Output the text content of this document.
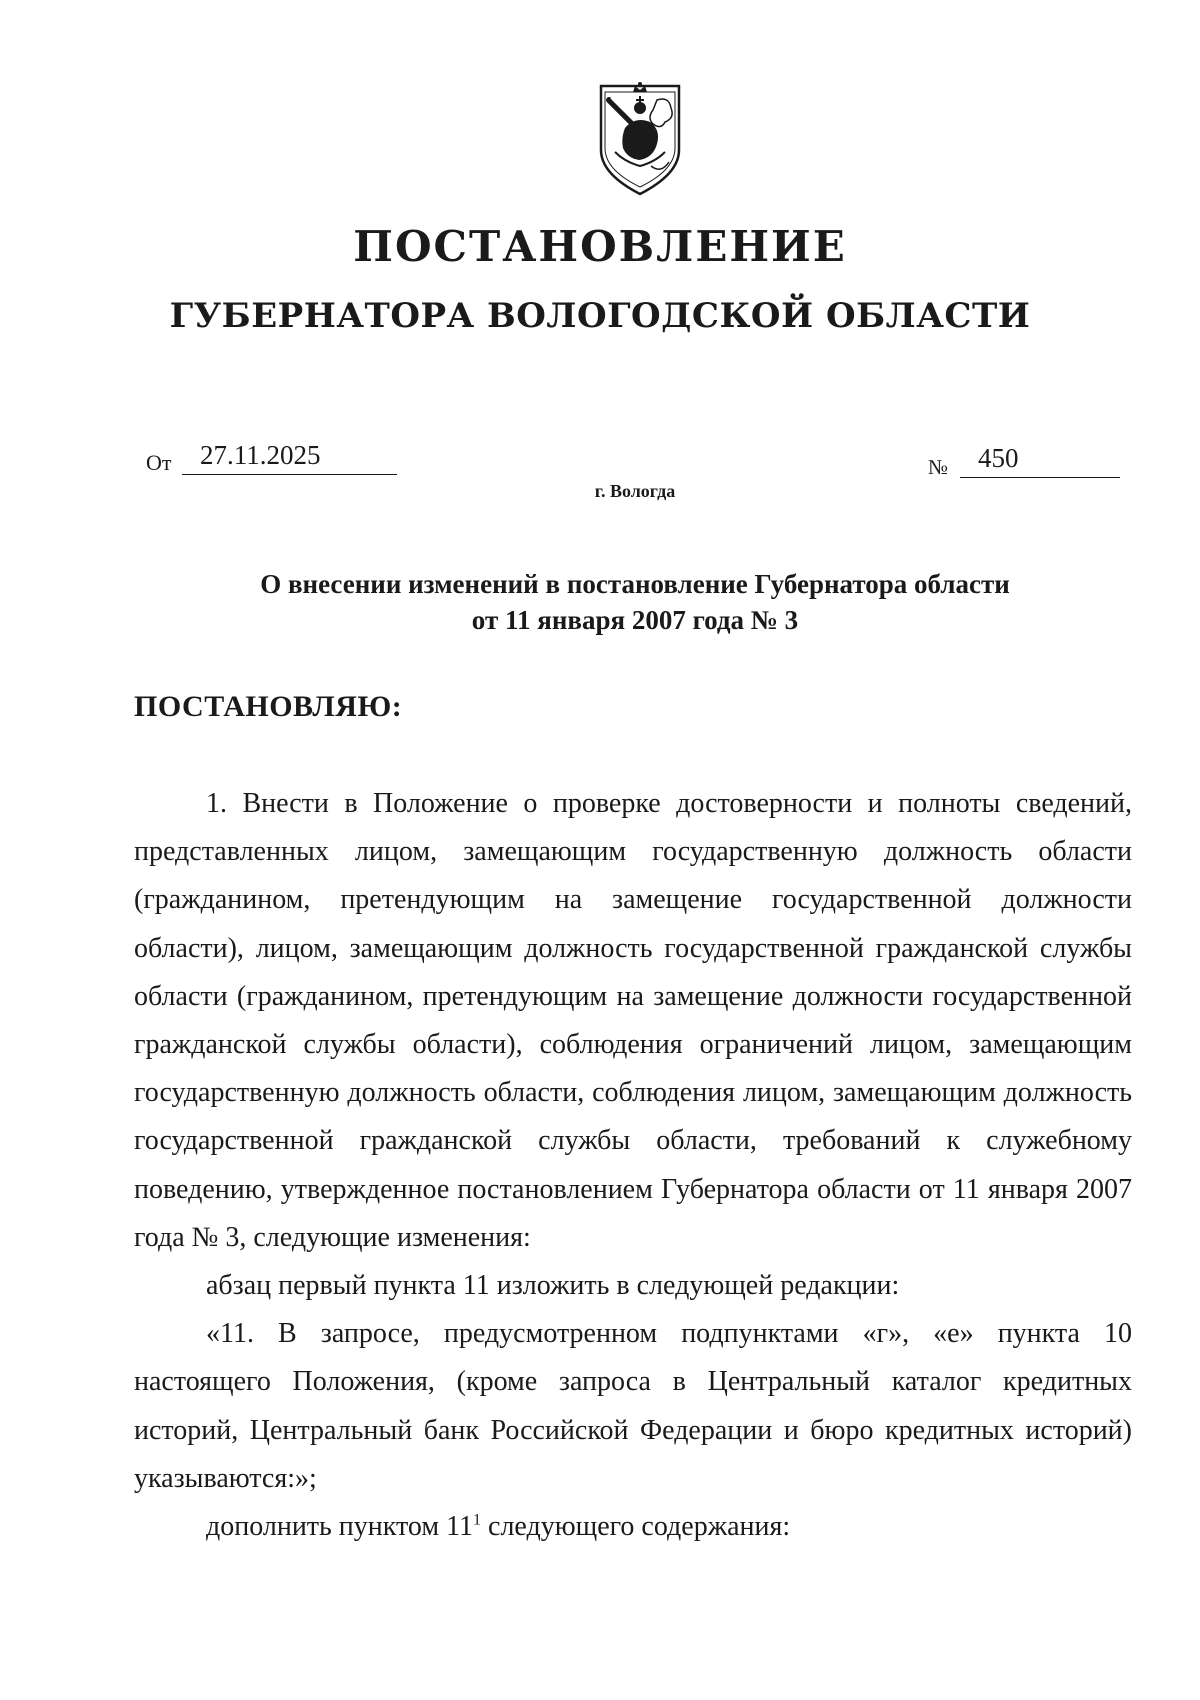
ПОСТАНОВЛЕНИЕ
ГУБЕРНАТОРА ВОЛОГОДСКОЙ ОБЛАСТИ
От 27.11.2025	№ 450
г. Вологда
О внесении изменений в постановление Губернатора области
от 11 января 2007 года № 3
ПОСТАНОВЛЯЮ:

1. Внести в Положение о проверке достоверности и полноты сведений, представленных лицом, замещающим государственную должность области (гражданином, претендующим на замещение государственной должности области), лицом, замещающим должность государственной гражданской службы области (гражданином, претендующим на замещение должности государственной гражданской службы области), соблюдения ограничений лицом, замещающим государственную должность области, соблюдения лицом, замещающим должность государственной гражданской службы области, требований к служебному поведению, утвержденное постановлением Губернатора области от 11 января 2007 года № 3, следующие изменения:

абзац первый пункта 11 изложить в следующей редакции:

«11. В запросе, предусмотренном подпунктами «г», «е» пункта 10 настоящего Положения, (кроме запроса в Центральный каталог кредитных историй, Центральный банк Российской Федерации и бюро кредитных историй) указываются:»;

дополнить пунктом $11^1$ следующего содержания:
